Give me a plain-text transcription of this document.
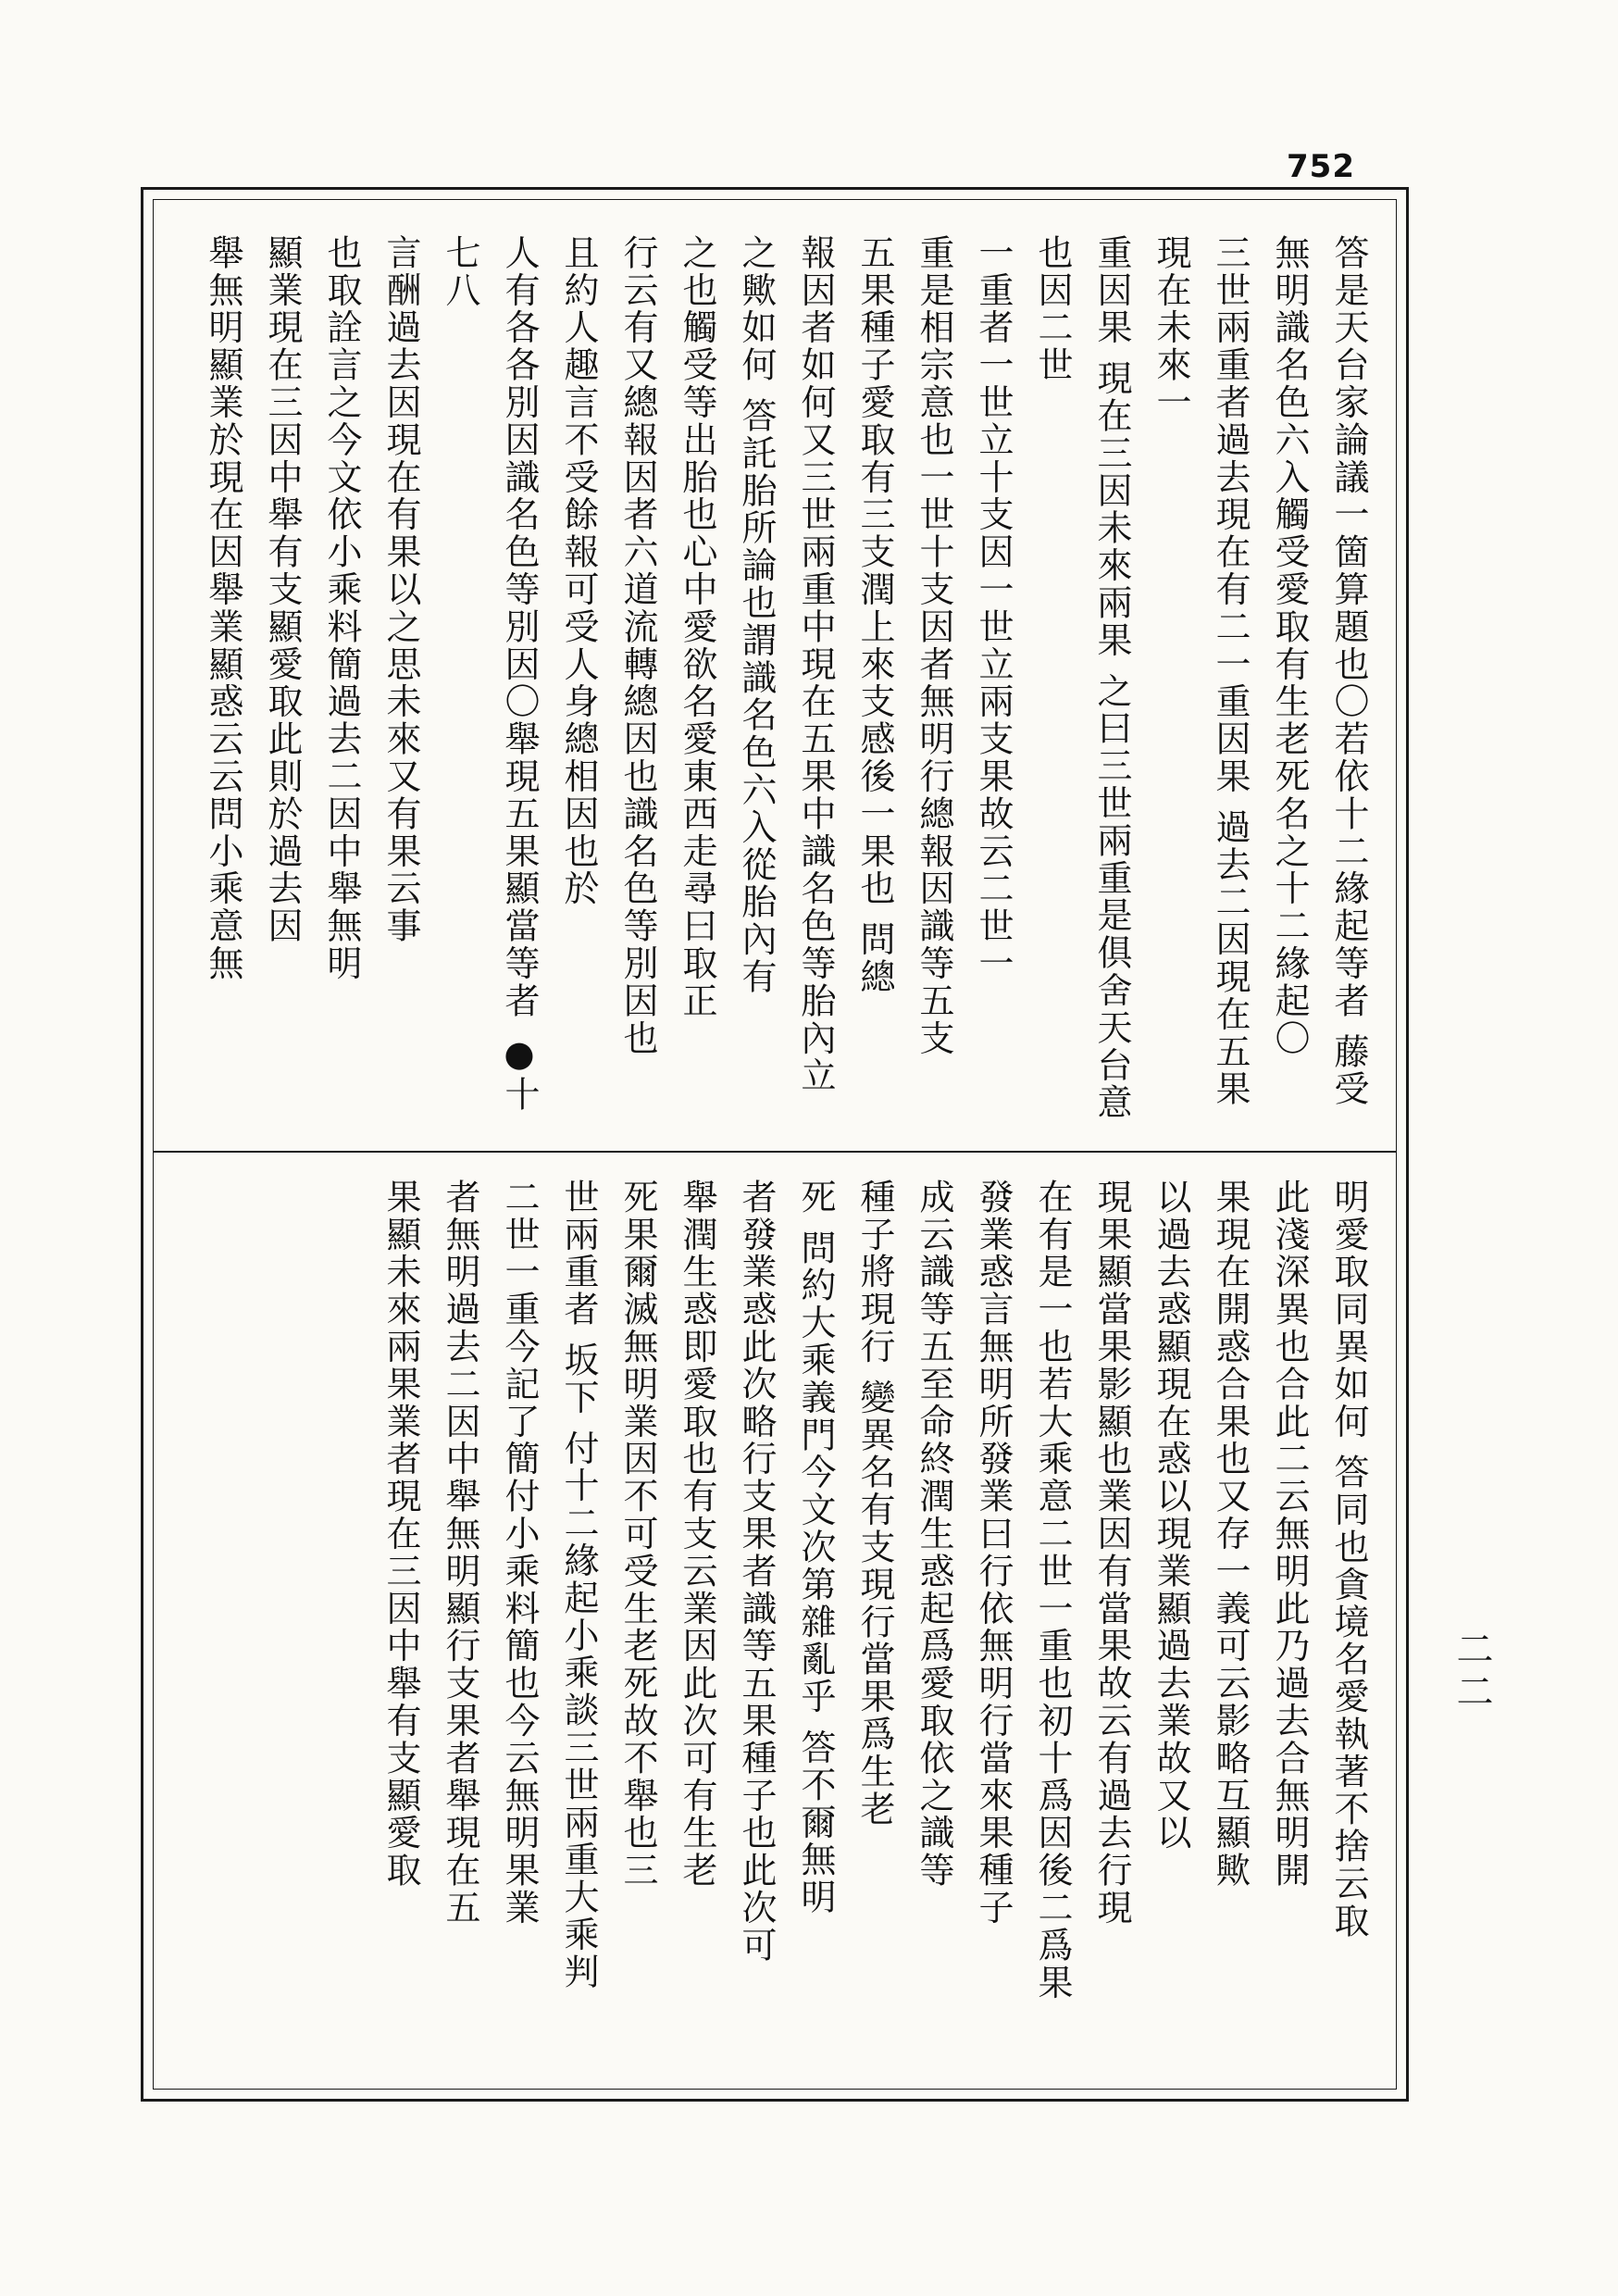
752
答是天台家論議一箇算題也〇若依十二緣起等者 藤受
無明識名色六入觸受愛取有生老死名之十二緣起〇
三世兩重者過去現在有二一重因果 過去二因現在五果 現在未來一
重因果 現在三因未來兩果 之曰三世兩重是俱舍天台意也因二世
一重者一世立十支因一世立兩支果故云二世一
重是相宗意也一世十支因者無明行總報因識等五支
五果種子愛取有三支潤上來支感後一果也 問總
報因者如何又三世兩重中現在五果中識名色等胎內立
之歟如何 答託胎所論也謂識名色六入從胎內有
之也觸受等出胎也心中愛欲名愛東西走尋曰取正
行云有又總報因者六道流轉總因也識名色等別因也
且約人趣言不受餘報可受人身總相因也於
人有各各別因識名色等別因〇舉現五果顯當等者 ●十七八
言酬過去因現在有果以之思未來又有果云事
也取詮言之今文依小乘料簡過去二因中舉無明
顯業現在三因中舉有支顯愛取此則於過去因
舉無明顯業於現在因舉業顯惑云云問小乘意無
明愛取同異如何 答同也貪境名愛執著不捨云取
此淺深異也合此二云無明此乃過去合無明開
果現在開惑合果也又存一義可云影略互顯歟
以過去惑顯現在惑以現業顯過去業故又以
現果顯當果影顯也業因有當果故云有過去行現
在有是一也若大乘意二世一重也初十爲因後二爲果
發業惑言無明所發業曰行依無明行當來果種子
成云識等五至命終潤生惑起爲愛取依之識等
種子將現行 變異名有支現行當果爲生老
死 問約大乘義門今文次第雜亂乎 答不爾無明
者發業惑此次略行支果者識等五果種子也此次可
舉潤生惑即愛取也有支云業因此次可有生老
死果爾滅無明業因不可受生老死故不舉也三
世兩重者 坂下 付十二緣起小乘談三世兩重大乘判
二世一重今記了簡付小乘料簡也今云無明果業
者無明過去二因中舉無明顯行支果者舉現在五
果顯未來兩果業者現在三因中舉有支顯愛取	二二
